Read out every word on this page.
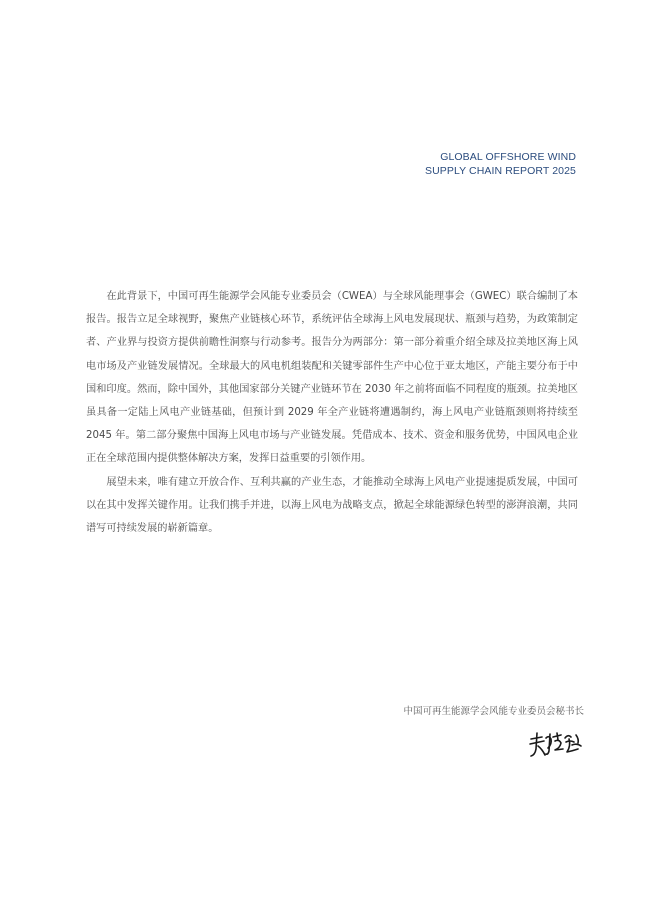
GLOBAL OFFSHORE WIND
SUPPLY CHAIN REPORT 2025

在此背景下，中国可再生能源学会风能专业委员会（CWEA）与全球风能理事会（GWEC）联合编制了本报告。报告立足全球视野，聚焦产业链核心环节，系统评估全球海上风电发展现状、瓶颈与趋势，为政策制定者、产业界与投资方提供前瞻性洞察与行动参考。报告分为两部分：第一部分着重介绍全球及拉美地区海上风电市场及产业链发展情况。全球最大的风电机组装配和关键零部件生产中心位于亚太地区，产能主要分布于中国和印度。然而，除中国外，其他国家部分关键产业链环节在 2030 年之前将面临不同程度的瓶颈。拉美地区虽具备一定陆上风电产业链基础，但预计到 2029 年全产业链将遭遇制约，海上风电产业链瓶颈则将持续至 2045 年。第二部分聚焦中国海上风电市场与产业链发展。凭借成本、技术、资金和服务优势，中国风电企业正在全球范围内提供整体解决方案，发挥日益重要的引领作用。

展望未来，唯有建立开放合作、互利共赢的产业生态，才能推动全球海上风电产业提速提质发展，中国可以在其中发挥关键作用。让我们携手并进，以海上风电为战略支点，掀起全球能源绿色转型的澎湃浪潮，共同谱写可持续发展的崭新篇章。

中国可再生能源学会风能专业委员会秘书长
